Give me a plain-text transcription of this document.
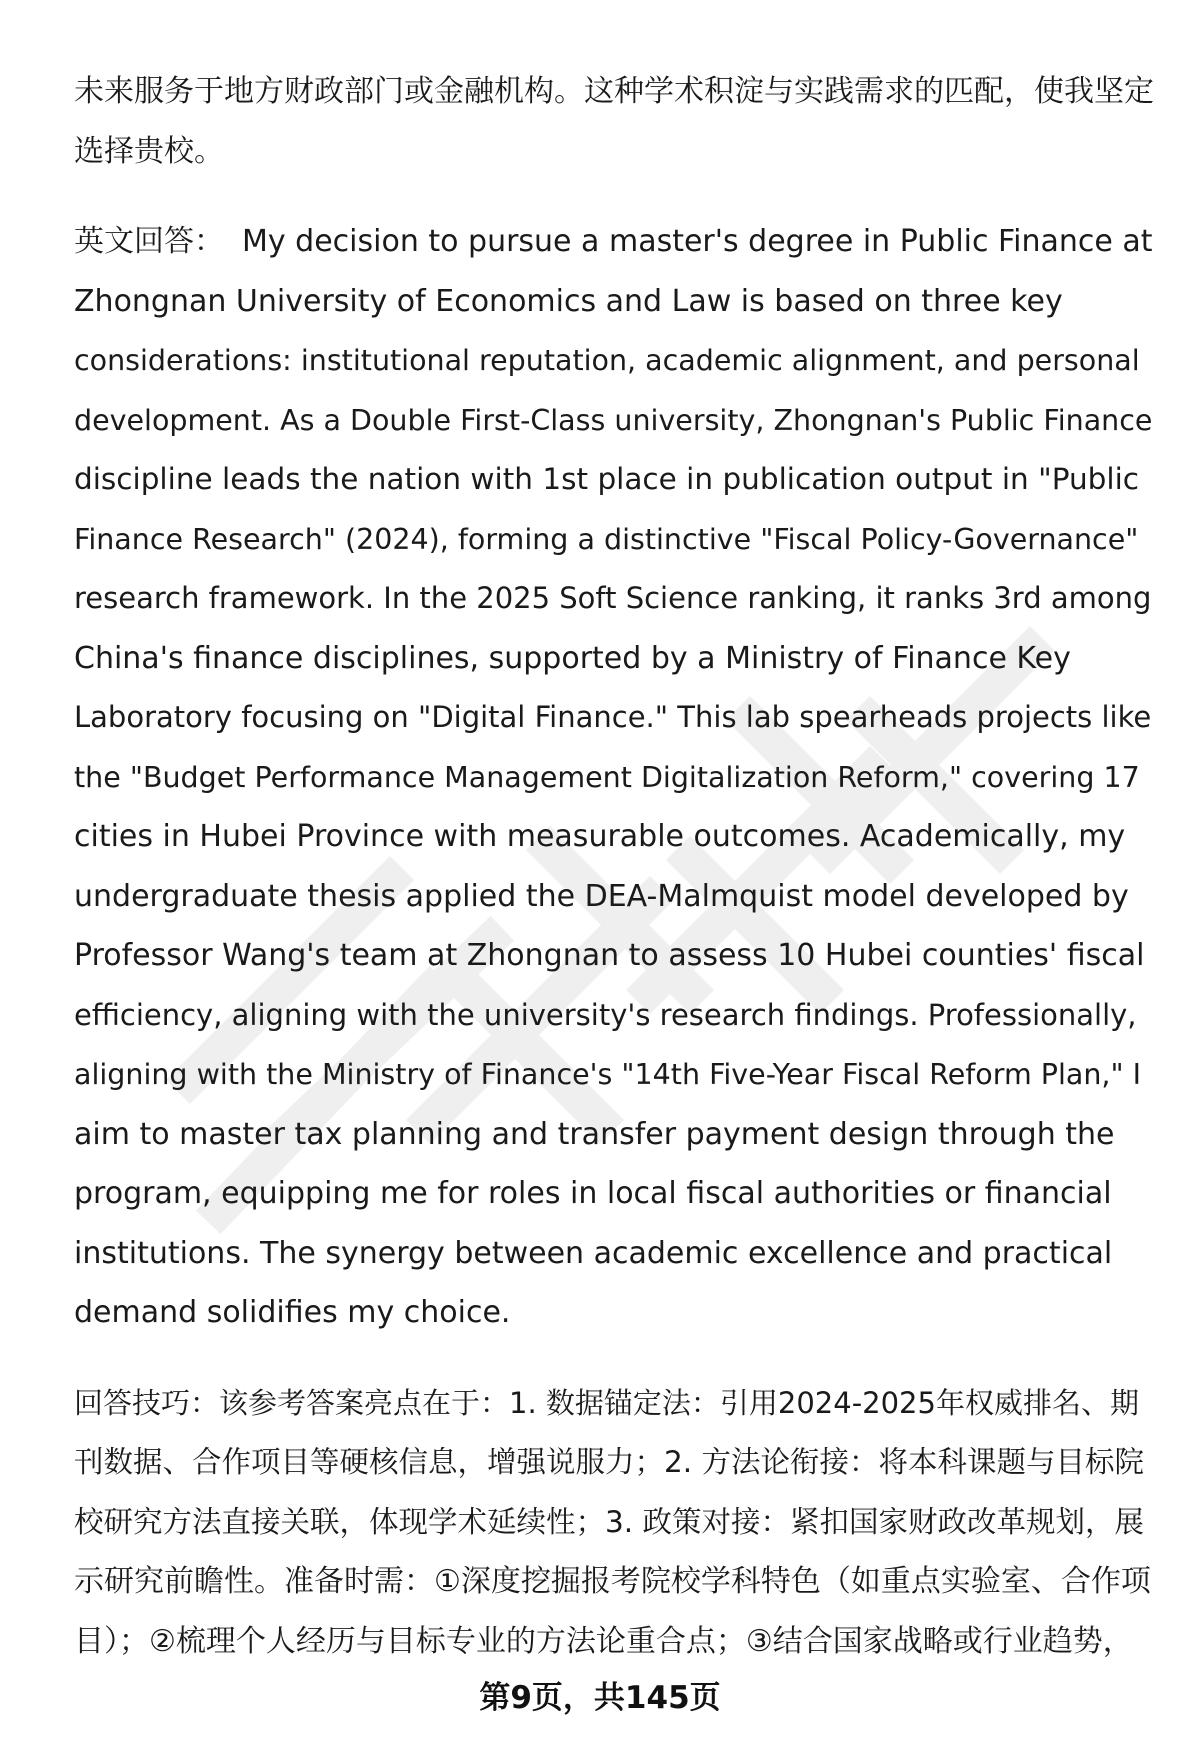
未来服务于地方财政部门或金融机构。这种学术积淀与实践需求的匹配，使我坚定
选择贵校。

英文回答： My decision to pursue a master's degree in Public Finance at
Zhongnan University of Economics and Law is based on three key
considerations: institutional reputation, academic alignment, and personal
development. As a Double First-Class university, Zhongnan's Public Finance
discipline leads the nation with 1st place in publication output in "Public
Finance Research" (2024), forming a distinctive "Fiscal Policy-Governance"
research framework. In the 2025 Soft Science ranking, it ranks 3rd among
China's finance disciplines, supported by a Ministry of Finance Key
Laboratory focusing on "Digital Finance." This lab spearheads projects like
the "Budget Performance Management Digitalization Reform," covering 17
cities in Hubei Province with measurable outcomes. Academically, my
undergraduate thesis applied the DEA-Malmquist model developed by
Professor Wang's team at Zhongnan to assess 10 Hubei counties' fiscal
efficiency, aligning with the university's research findings. Professionally,
aligning with the Ministry of Finance's "14th Five-Year Fiscal Reform Plan," I
aim to master tax planning and transfer payment design through the
program, equipping me for roles in local fiscal authorities or financial
institutions. The synergy between academic excellence and practical
demand solidifies my choice.

回答技巧：该参考答案亮点在于：1. 数据锚定法：引用2024-2025年权威排名、期
刊数据、合作项目等硬核信息，增强说服力；2. 方法论衔接：将本科课题与目标院
校研究方法直接关联，体现学术延续性；3. 政策对接：紧扣国家财政改革规划，展
示研究前瞻性。准备时需：①深度挖掘报考院校学科特色（如重点实验室、合作项
目）；②梳理个人经历与目标专业的方法论重合点；③结合国家战略或行业趋势，

第9页，共145页
